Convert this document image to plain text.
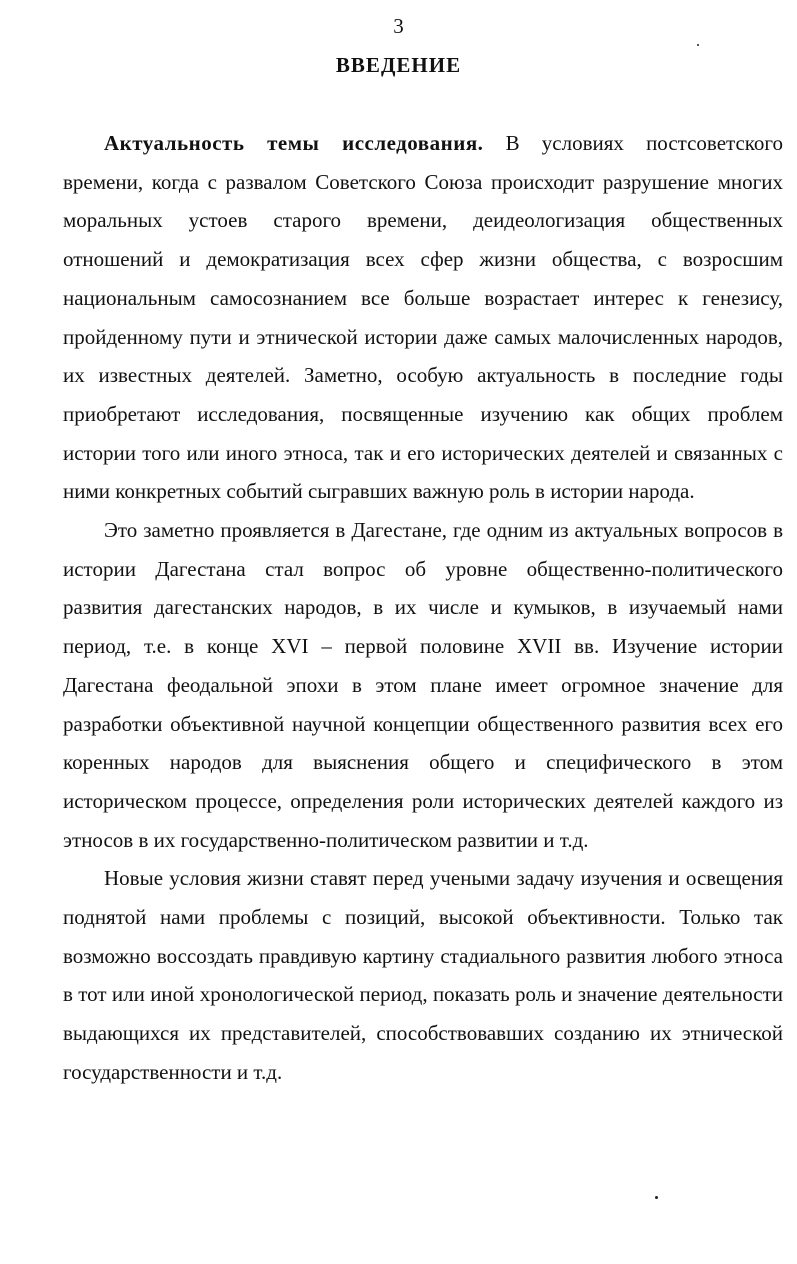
3
ВВЕДЕНИЕ

Актуальность темы исследования. В условиях постсоветского времени, когда с развалом Советского Союза происходит разрушение многих моральных устоев старого времени, деидеологизация общественных отношений и демократизация всех сфер жизни общества, с возросшим национальным самосознанием все больше возрастает интерес к генезису, пройденному пути и этнической истории даже самых малочисленных народов, их известных деятелей. Заметно, особую актуальность в последние годы приобретают исследования, посвященные изучению как общих проблем истории того или иного этноса, так и его исторических деятелей и связанных с ними конкретных событий сыгравших важную роль в истории народа.

Это заметно проявляется в Дагестане, где одним из актуальных вопросов в истории Дагестана стал вопрос об уровне общественно-политического развития дагестанских народов, в их числе и кумыков, в изучаемый нами период, т.е. в конце XVI – первой половине XVII вв. Изучение истории Дагестана феодальной эпохи в этом плане имеет огромное значение для разработки объективной научной концепции общественного развития всех его коренных народов для выяснения общего и специфического в этом историческом процессе, определения роли исторических деятелей каждого из этносов в их государственно-политическом развитии и т.д.

Новые условия жизни ставят перед учеными задачу изучения и освещения поднятой нами проблемы с позиций, высокой объективности. Только так возможно воссоздать правдивую картину стадиального развития любого этноса в тот или иной хронологической период, показать роль и значение деятельности выдающихся их представителей, способствовавших созданию их этнической государственности и т.д.
